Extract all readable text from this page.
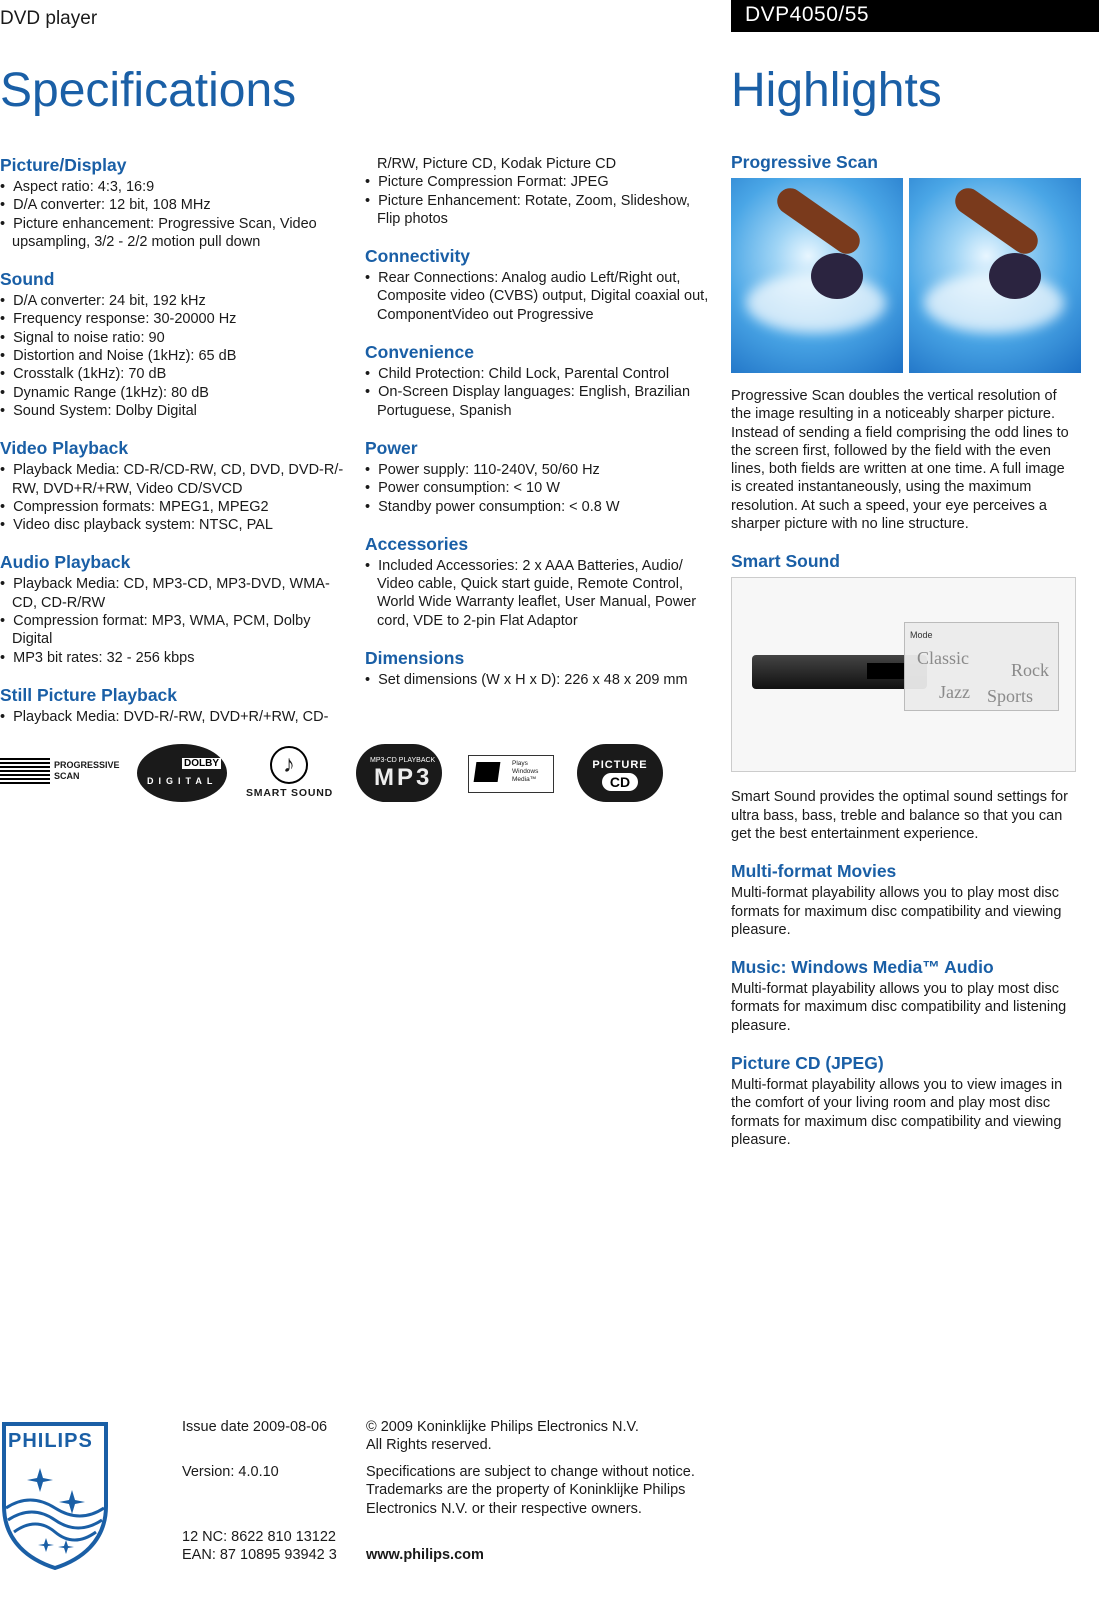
DVD player	DVP4050/55
Specifications	Highlights
Picture/Display
•  Aspect ratio: 4:3, 16:9
•  D/A converter: 12 bit, 108 MHz
•  Picture enhancement: Progressive Scan, Video upsampling, 3/2 - 2/2 motion pull down
Sound
•  D/A converter: 24 bit, 192 kHz
•  Frequency response: 30-20000 Hz
•  Signal to noise ratio: 90
•  Distortion and Noise (1kHz): 65 dB
•  Crosstalk (1kHz): 70 dB
•  Dynamic Range (1kHz): 80 dB
•  Sound System: Dolby Digital
Video Playback
•  Playback Media: CD-R/CD-RW, CD, DVD, DVD-R/-RW, DVD+R/+RW, Video CD/SVCD
•  Compression formats: MPEG1, MPEG2
•  Video disc playback system: NTSC, PAL
Audio Playback
•  Playback Media: CD, MP3-CD, MP3-DVD, WMA-CD, CD-R/RW
•  Compression format: MP3, WMA, PCM, Dolby Digital
•  MP3 bit rates: 32 - 256 kbps
Still Picture Playback
•  Playback Media: DVD-R/-RW, DVD+R/+RW, CD-
R/RW, Picture CD, Kodak Picture CD
•  Picture Compression Format: JPEG
•  Picture Enhancement: Rotate, Zoom, Slideshow, Flip photos
Connectivity
•  Rear Connections: Analog audio Left/Right out, Composite video (CVBS) output, Digital coaxial out, ComponentVideo out Progressive
Convenience
•  Child Protection: Child Lock, Parental Control
•  On-Screen Display languages: English, Brazilian Portuguese, Spanish
Power
•  Power supply: 110-240V, 50/60 Hz
•  Power consumption: < 10 W
•  Standby power consumption: < 0.8 W
Accessories
•  Included Accessories: 2 x AAA Batteries, Audio/ Video cable, Quick start guide, Remote Control, World Wide Warranty leaflet, User Manual, Power cord, VDE to 2-pin Flat Adaptor
Dimensions
•  Set dimensions (W x H x D): 226 x 48 x 209 mm
PROGRESSIVE SCAN
DOLBY
DIGITAL
♪
SMART SOUND
MP3-CD PLAYBACK
MP3
Plays Windows Media™
PICTURE
CD
Progressive Scan

Progressive Scan doubles the vertical resolution of the image resulting in a noticeably sharper picture. Instead of sending a field comprising the odd lines to the screen first, followed by the field with the even lines, both fields are written at one time. A full image is created instantaneously, using the maximum resolution. At such a speed, your eye perceives a sharper picture with no line structure.

Smart Sound
Mode
Classic
Rock
Jazz Sports

Smart Sound provides the optimal sound settings for ultra bass, bass, treble and balance so that you can get the best entertainment experience.

Multi-format Movies

Multi-format playability allows you to play most disc formats for maximum disc compatibility and viewing pleasure.

Music: Windows Media™ Audio

Multi-format playability allows you to play most disc formats for maximum disc compatibility and listening pleasure.

Picture CD (JPEG)

Multi-format playability allows you to view images in the comfort of your living room and play most disc formats for maximum disc compatibility and viewing pleasure.

PHILIPS
Issue date 2009-08-06
Version: 4.0.10
12 NC: 8622 810 13122
EAN: 87 10895 93942 3
© 2009 Koninklijke Philips Electronics N.V.
All Rights reserved.
Specifications are subject to change without notice. Trademarks are the property of Koninklijke Philips Electronics N.V. or their respective owners.
www.philips.com
